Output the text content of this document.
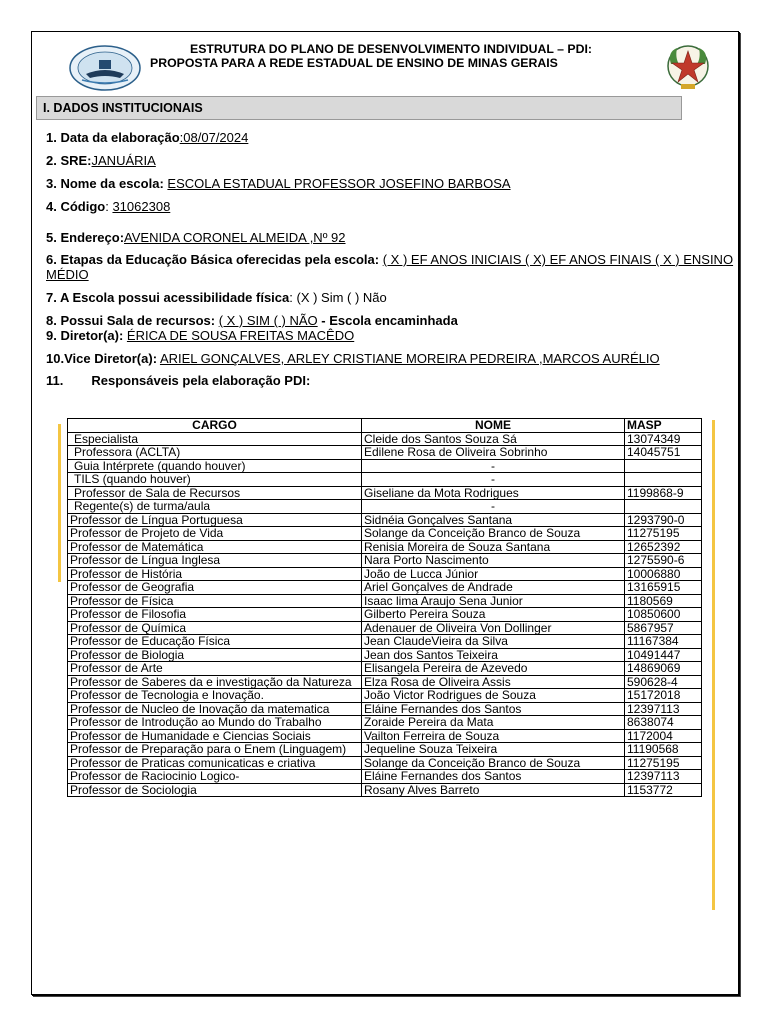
ESTRUTURA DO PLANO DE DESENVOLVIMENTO INDIVIDUAL – PDI:
PROPOSTA PARA A REDE ESTADUAL DE ENSINO DE MINAS GERAIS
I. DADOS INSTITUCIONAIS
1. Data da elaboração:08/07/2024
2. SRE:JANUÁRIA
3. Nome da escola: ESCOLA ESTADUAL PROFESSOR JOSEFINO BARBOSA
4. Código: 31062308
5. Endereço:AVENIDA CORONEL ALMEIDA ,Nº 92
6. Etapas da Educação Básica oferecidas pela escola: ( X ) EF ANOS INICIAIS ( X) EF ANOS FINAIS ( X ) ENSINO MÉDIO
7. A Escola possui acessibilidade física: (X ) Sim ( ) Não
8. Possui Sala de recursos: ( X ) SIM ( ) NÃO - Escola encaminhada
9. Diretor(a): ÉRICA DE SOUSA FREITAS MACÊDO
10.Vice Diretor(a): ARIEL GONÇALVES, ARLEY CRISTIANE MOREIRA PEDREIRA ,MARCOS AURÉLIO
11. Responsáveis pela elaboração PDI:
CARGO	NOME	MASP
Especialista	Cleide dos Santos Souza Sá	13074349
Professora (ACLTA)	Edilene Rosa de Oliveira Sobrinho	14045751
Guia Intérprete (quando houver)	-	
TILS (quando houver)	-	
Professor de Sala de Recursos	Giseliane da Mota Rodrigues	1199868-9
Regente(s) de turma/aula	-	
Professor de Língua Portuguesa	Sidnéia Gonçalves Santana	1293790-0
Professor de Projeto de Vida	Solange da Conceição Branco de Souza	11275195
Professor de Matemática	Renisia Moreira de Souza Santana	12652392
Professor de Língua Inglesa	Nara Porto Nascimento	1275590-6
Professor de História	João de Lucca Júnior	10006880
Professor de Geografia	Ariel Gonçalves de Andrade	13165915
Professor de Física	Isaac lima Araujo Sena Junior	1180569
Professor de Filosofia	Gilberto Pereira Souza	10850600
Professor de Química	Adenauer de Oliveira Von Dollinger	5867957
Professor de Educação Física	Jean ClaudeVieira da Silva	11167384
Professor de Biologia	Jean dos Santos Teixeira	10491447
Professor de Arte	Elisangela Pereira de Azevedo	14869069
Professor de Saberes da e investigação da Natureza	Elza Rosa de Oliveira Assis	590628-4
Professor de Tecnologia e Inovação.	João Victor Rodrigues de Souza	15172018
Professor de Nucleo de Inovação da matematica	Eláine Fernandes dos Santos	12397113
Professor de Introdução ao Mundo do Trabalho	Zoraide Pereira da Mata	8638074
Professor de Humanidade e Ciencias Sociais	Vailton Ferreira de Souza	1172004
Professor de Preparação para o Enem (Linguagem)	Jequeline Souza Teixeira	11190568
Professor de Praticas comunicaticas e criativa	Solange da Conceição Branco de Souza	11275195
Professor de Raciocinio Logico-	Eláine Fernandes dos Santos	12397113
Professor de Sociologia	Rosany Alves Barreto	1153772
